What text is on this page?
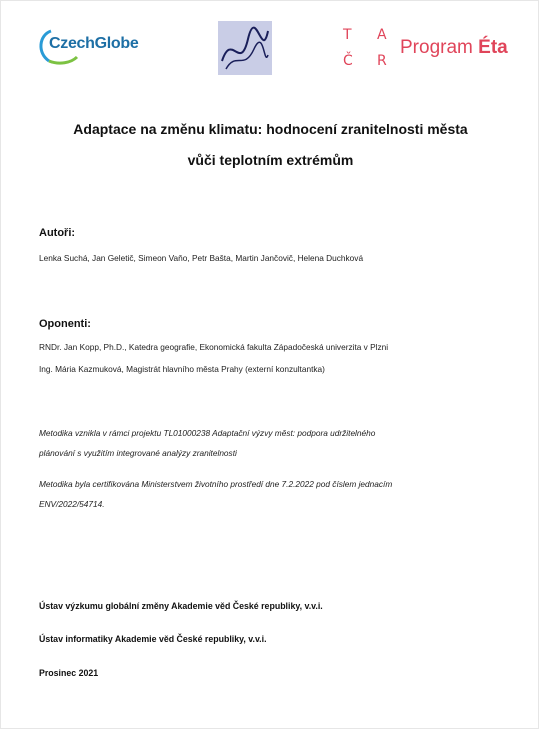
CzechGlobe	T A
Č R
Program Éta
Adaptace na změnu klimatu: hodnocení zranitelnosti města
vůči teplotním extrémům
Autoři:
Lenka Suchá, Jan Geletič, Simeon Vaňo, Petr Bašta, Martin Jančovič, Helena Duchková
Oponenti:
RNDr. Jan Kopp, Ph.D., Katedra geografie, Ekonomická fakulta Západočeská univerzita v Plzni
Ing. Mária Kazmuková, Magistrát hlavního města Prahy (externí konzultantka)
Metodika vznikla v rámci projektu TL01000238 Adaptační výzvy měst: podpora udržitelného
plánování s využitím integrované analýzy zranitelnosti
Metodika byla certifikována Ministerstvem životního prostředí dne 7.2.2022 pod číslem jednacím
ENV/2022/54714.
Ústav výzkumu globální změny Akademie věd České republiky, v.v.i.
Ústav informatiky Akademie věd České republiky, v.v.i.
Prosinec 2021
